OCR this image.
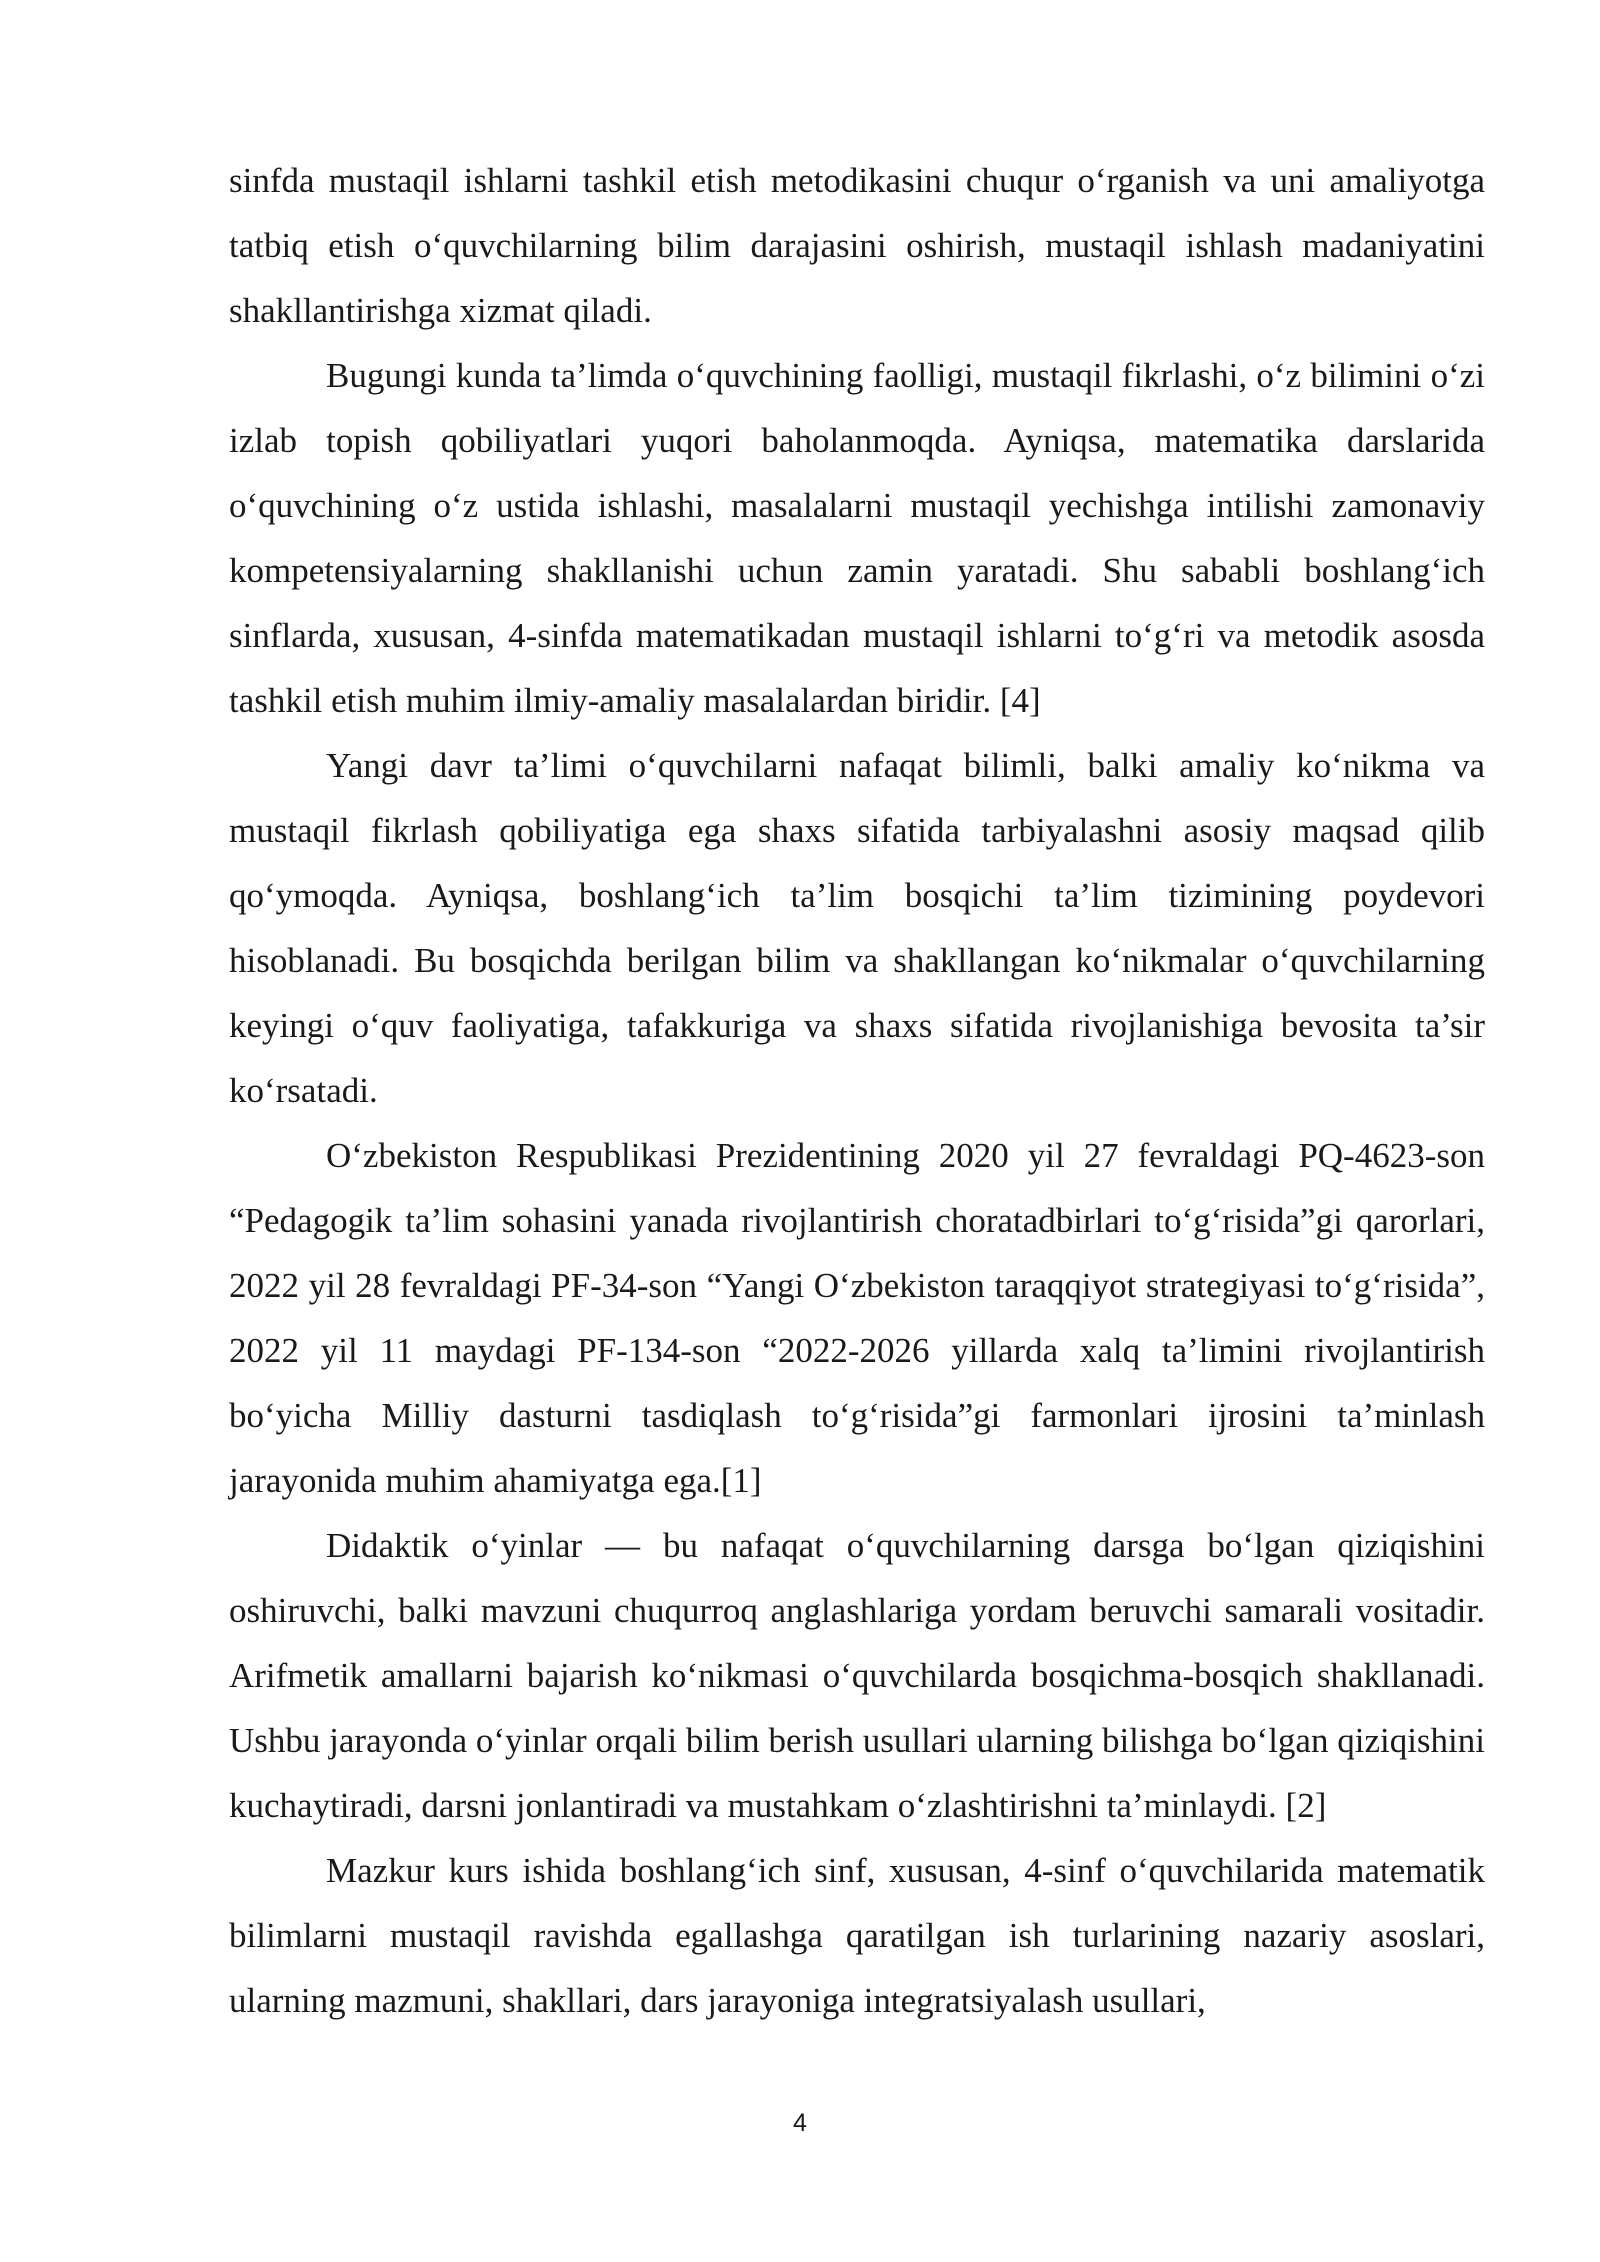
sinfda mustaqil ishlarni tashkil etish metodikasini chuqur o‘rganish va uni amaliyotga tatbiq etish o‘quvchilarning bilim darajasini oshirish, mustaqil ishlash madaniyatini shakllantirishga xizmat qiladi.

Bugungi kunda ta’limda o‘quvchining faolligi, mustaqil fikrlashi, o‘z bilimini o‘zi izlab topish qobiliyatlari yuqori baholanmoqda. Ayniqsa, matematika darslarida o‘quvchining o‘z ustida ishlashi, masalalarni mustaqil yechishga intilishi zamonaviy kompetensiyalarning shakllanishi uchun zamin yaratadi. Shu sababli boshlang‘ich sinflarda, xususan, 4-sinfda matematikadan mustaqil ishlarni to‘g‘ri va metodik asosda tashkil etish muhim ilmiy-amaliy masalalardan biridir. [4]

Yangi davr ta’limi o‘quvchilarni nafaqat bilimli, balki amaliy ko‘nikma va mustaqil fikrlash qobiliyatiga ega shaxs sifatida tarbiyalashni asosiy maqsad qilib qo‘ymoqda. Ayniqsa, boshlang‘ich ta’lim bosqichi ta’lim tizimining poydevori hisoblanadi. Bu bosqichda berilgan bilim va shakllangan ko‘nikmalar o‘quvchilarning keyingi o‘quv faoliyatiga, tafakkuriga va shaxs sifatida rivojlanishiga bevosita ta’sir ko‘rsatadi.

O‘zbekiston Respublikasi Prezidentining 2020 yil 27 fevraldagi PQ-4623-son “Pedagogik ta’lim sohasini yanada rivojlantirish choratadbirlari to‘g‘risida”gi qarorlari, 2022 yil 28 fevraldagi PF-34-son “Yangi O‘zbekiston taraqqiyot strategiyasi to‘g‘risida”, 2022 yil 11 maydagi PF-134-son “2022-2026 yillarda xalq ta’limini rivojlantirish bo‘yicha Milliy dasturni tasdiqlash to‘g‘risida”gi farmonlari ijrosini ta’minlash jarayonida muhim ahamiyatga ega.[1]

Didaktik o‘yinlar — bu nafaqat o‘quvchilarning darsga bo‘lgan qiziqishini oshiruvchi, balki mavzuni chuqurroq anglashlariga yordam beruvchi samarali vositadir. Arifmetik amallarni bajarish ko‘nikmasi o‘quvchilarda bosqichma-bosqich shakllanadi. Ushbu jarayonda o‘yinlar orqali bilim berish usullari ularning bilishga bo‘lgan qiziqishini kuchaytiradi, darsni jonlantiradi va mustahkam o‘zlashtirishni ta’minlaydi. [2]

Mazkur kurs ishida boshlang‘ich sinf, xususan, 4-sinf o‘quvchilarida matematik bilimlarni mustaqil ravishda egallashga qaratilgan ish turlarining nazariy asoslari, ularning mazmuni, shakllari, dars jarayoniga integratsiyalash usullari,

4
